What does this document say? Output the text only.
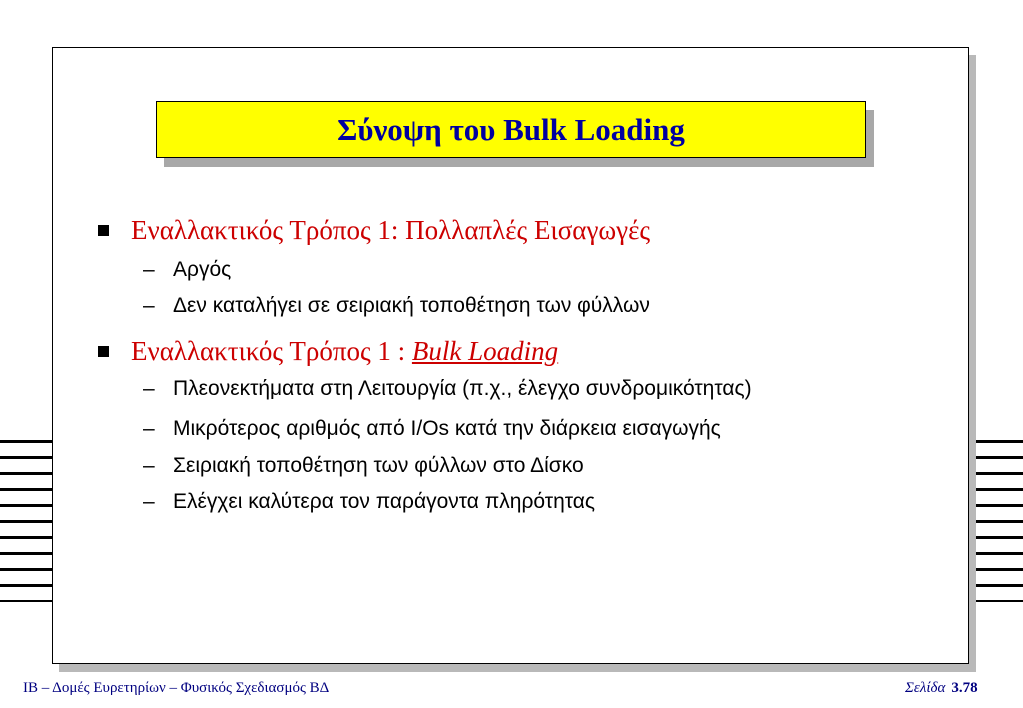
Σύνοψη του Bulk Loading
Εναλλακτικός Τρόπος 1: Πολλαπλές Εισαγωγές
– Αργός
– Δεν καταλήγει σε σειριακή τοποθέτηση των φύλλων
Εναλλακτικός Τρόπος 1 : Bulk Loading
– Πλεονεκτήματα στη Λειτουργία (π.χ., έλεγχο συνδρομικότητας)
– Μικρότερος αριθμός από I/Os κατά την διάρκεια εισαγωγής
– Σειριακή τοποθέτηση των φύλλων στο Δίσκο
– Ελέγχει καλύτερα τον παράγοντα πληρότητας
ΙΒ – Δομές Ευρετηρίων – Φυσικός Σχεδιασμός ΒΔ	Σελίδα 3.78
